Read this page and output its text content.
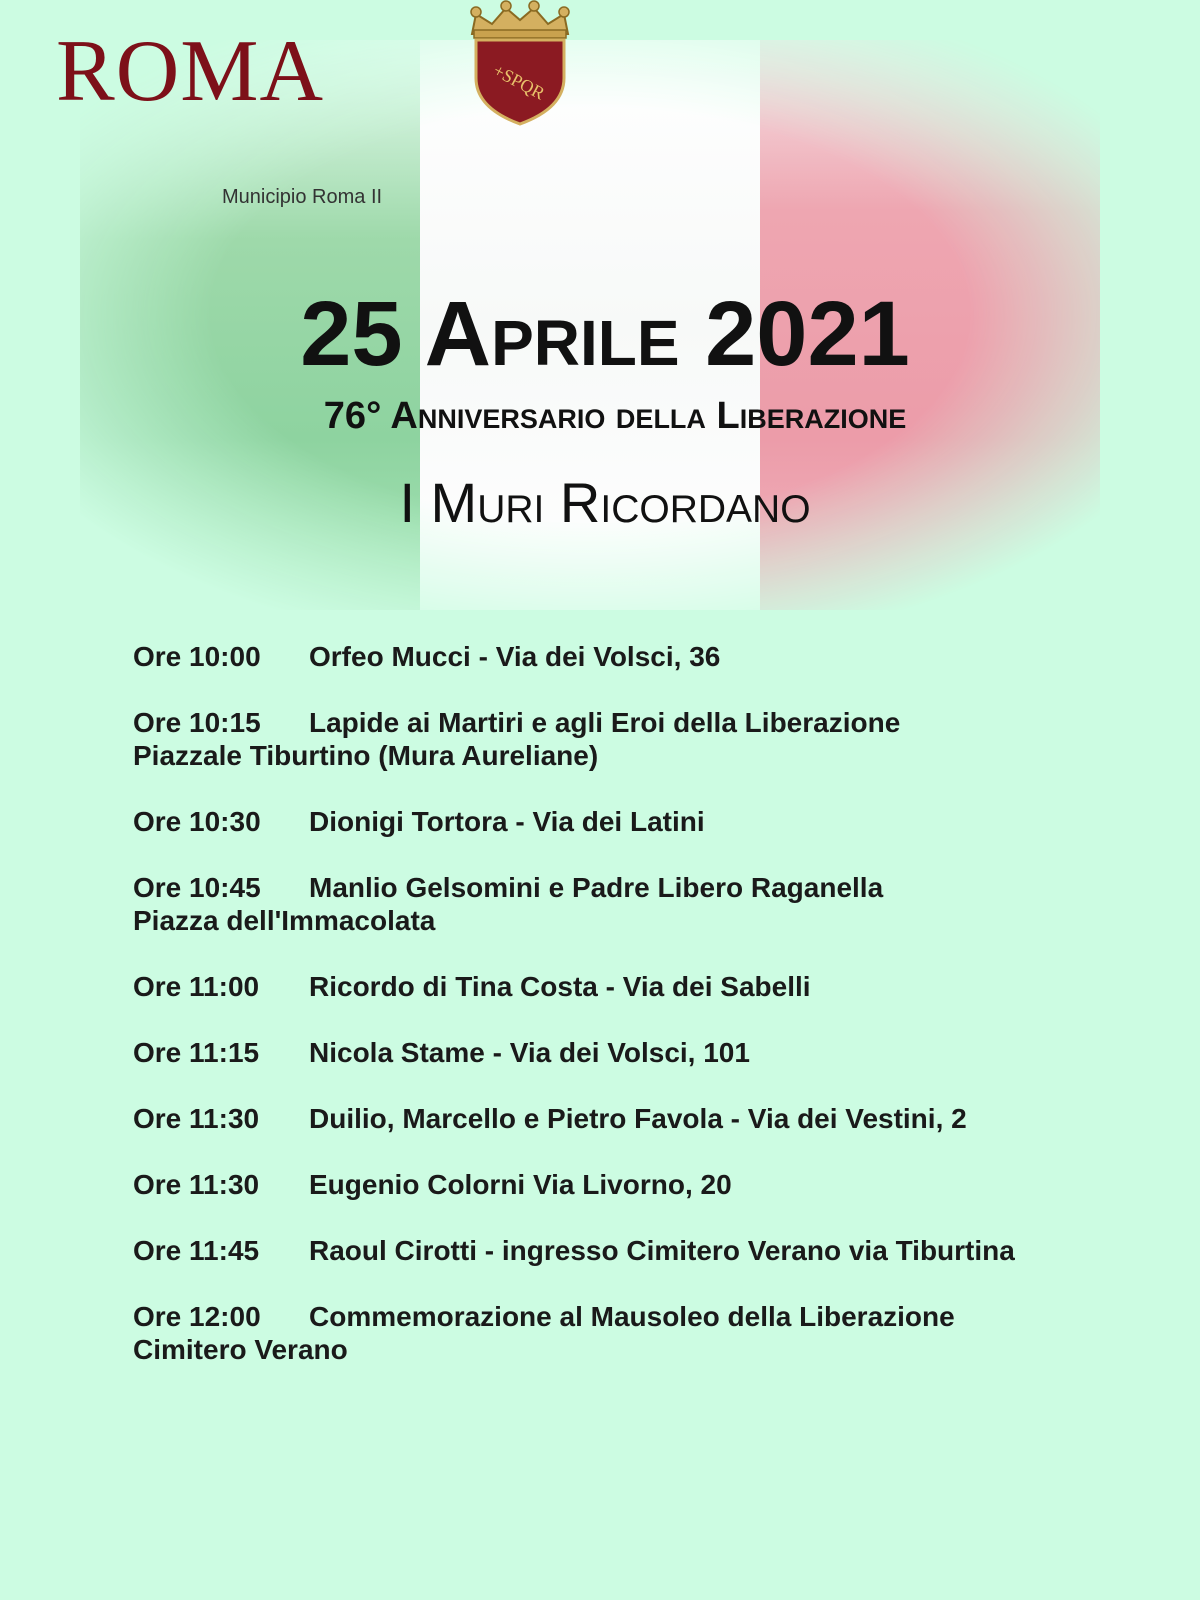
ROMA	+SPQR
Municipio Roma II
25 Aprile 2021
76° Anniversario della Liberazione
I Muri Ricordano
Ore 10:00 Orfeo Mucci - Via dei Volsci, 36
Ore 10:15 Lapide ai Martiri e agli Eroi della Liberazione
Piazzale Tiburtino (Mura Aureliane)
Ore 10:30 Dionigi Tortora - Via dei Latini
Ore 10:45 Manlio Gelsomini e Padre Libero Raganella
Piazza dell'Immacolata
Ore 11:00 Ricordo di Tina Costa - Via dei Sabelli
Ore 11:15 Nicola Stame - Via dei Volsci, 101
Ore 11:30 Duilio, Marcello e Pietro Favola - Via dei Vestini, 2
Ore 11:30 Eugenio Colorni Via Livorno, 20
Ore 11:45 Raoul Cirotti - ingresso Cimitero Verano via Tiburtina
Ore 12:00 Commemorazione al Mausoleo della Liberazione
Cimitero Verano
